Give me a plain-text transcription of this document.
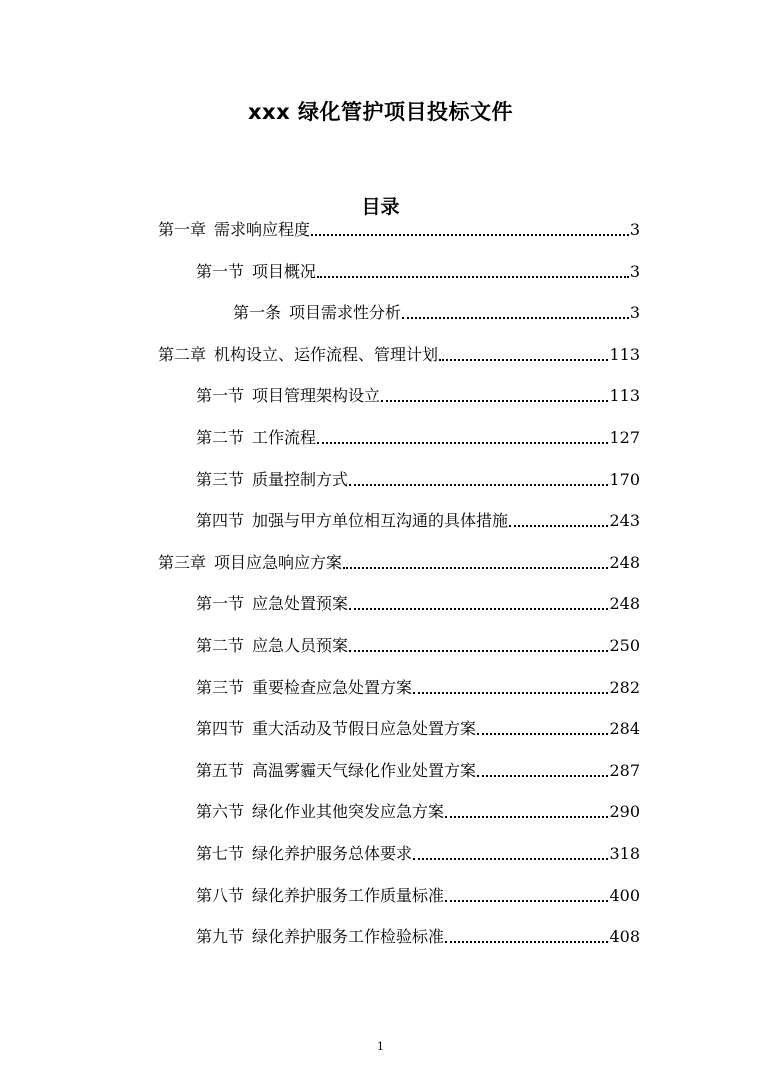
xxx 绿化管护项目投标文件
目录
第一章 需求响应程度	3
第一节 项目概况	3
第一条 项目需求性分析	3
第二章 机构设立、运作流程、管理计划	113
第一节 项目管理架构设立	113
第二节 工作流程	127
第三节 质量控制方式	170
第四节 加强与甲方单位相互沟通的具体措施	243
第三章 项目应急响应方案	248
第一节 应急处置预案	248
第二节 应急人员预案	250
第三节 重要检查应急处置方案	282
第四节 重大活动及节假日应急处置方案	284
第五节 高温雾霾天气绿化作业处置方案	287
第六节 绿化作业其他突发应急方案	290
第七节 绿化养护服务总体要求	318
第八节 绿化养护服务工作质量标准	400
第九节 绿化养护服务工作检验标准	408
1
